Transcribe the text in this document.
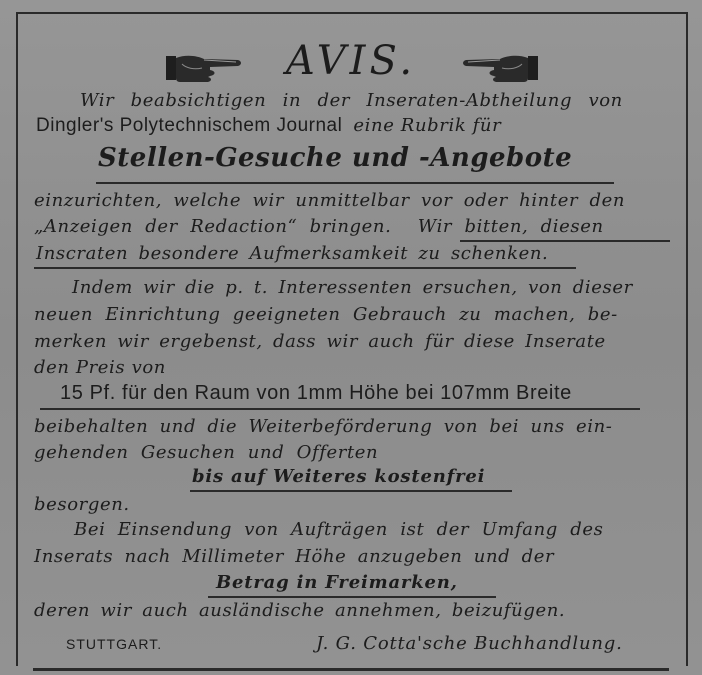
AVIS.
Wir beabsichtigen in der Inseraten-Abtheilung von
Dingler's Polytechnischem Journal eine Rubrik für
Stellen-Gesuche und -Angebote
einzurichten, welche wir unmittelbar vor oder hinter den
„Anzeigen der Redaction“ bringen. Wir bitten, diesen
Inscraten besondere Aufmerksamkeit zu schenken.
Indem wir die p. t. Interessenten ersuchen, von dieser
neuen Einrichtung geeigneten Gebrauch zu machen, be-
merken wir ergebenst, dass wir auch für diese Inserate
den Preis von
15 Pf. für den Raum von 1mm Höhe bei 107mm Breite
beibehalten und die Weiterbeförderung von bei uns ein-
gehenden Gesuchen und Offerten
bis auf Weiteres kostenfrei
besorgen.
Bei Einsendung von Aufträgen ist der Umfang des
Inserats nach Millimeter Höhe anzugeben und der
Betrag in Freimarken,
deren wir auch ausländische annehmen, beizufügen.
STUTTGART.	J. G. Cotta'sche Buchhandlung.
